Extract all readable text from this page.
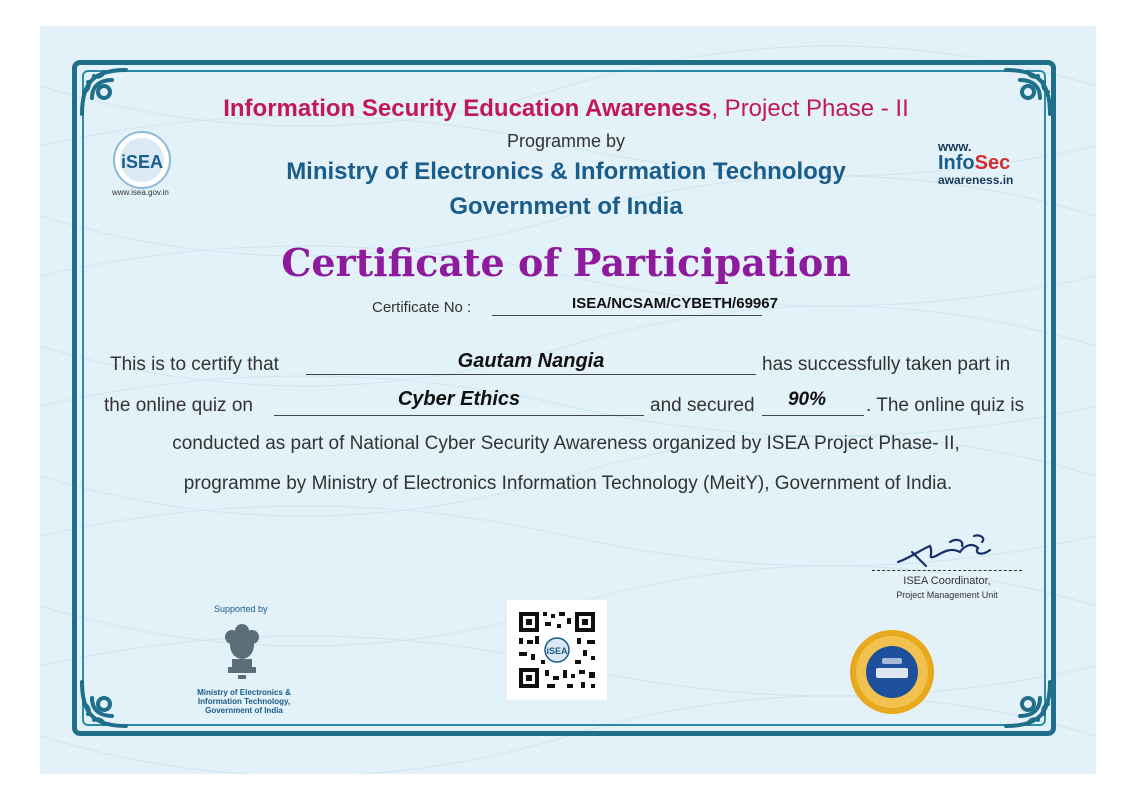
iSEA
www.isea.gov.in
www.
InfoSec
awareness.in
Information Security Education Awareness, Project Phase - II
Programme by
Ministry of Electronics & Information Technology
Government of India
Certificate of Participation
Certificate No :	ISEA/NCSAM/CYBETH/69967
This is to certify that	Gautam Nangia	has successfully taken part in
the online quiz on	Cyber Ethics	and secured	90%	. The online quiz is
conducted as part of National Cyber Security Awareness organized by ISEA Project Phase- II,
programme by Ministry of Electronics Information Technology (MeitY), Government of India.
ISEA Coordinator,
Project Management Unit
Supported by
Ministry of Electronics & Information Technology, Government of India
iSEA
